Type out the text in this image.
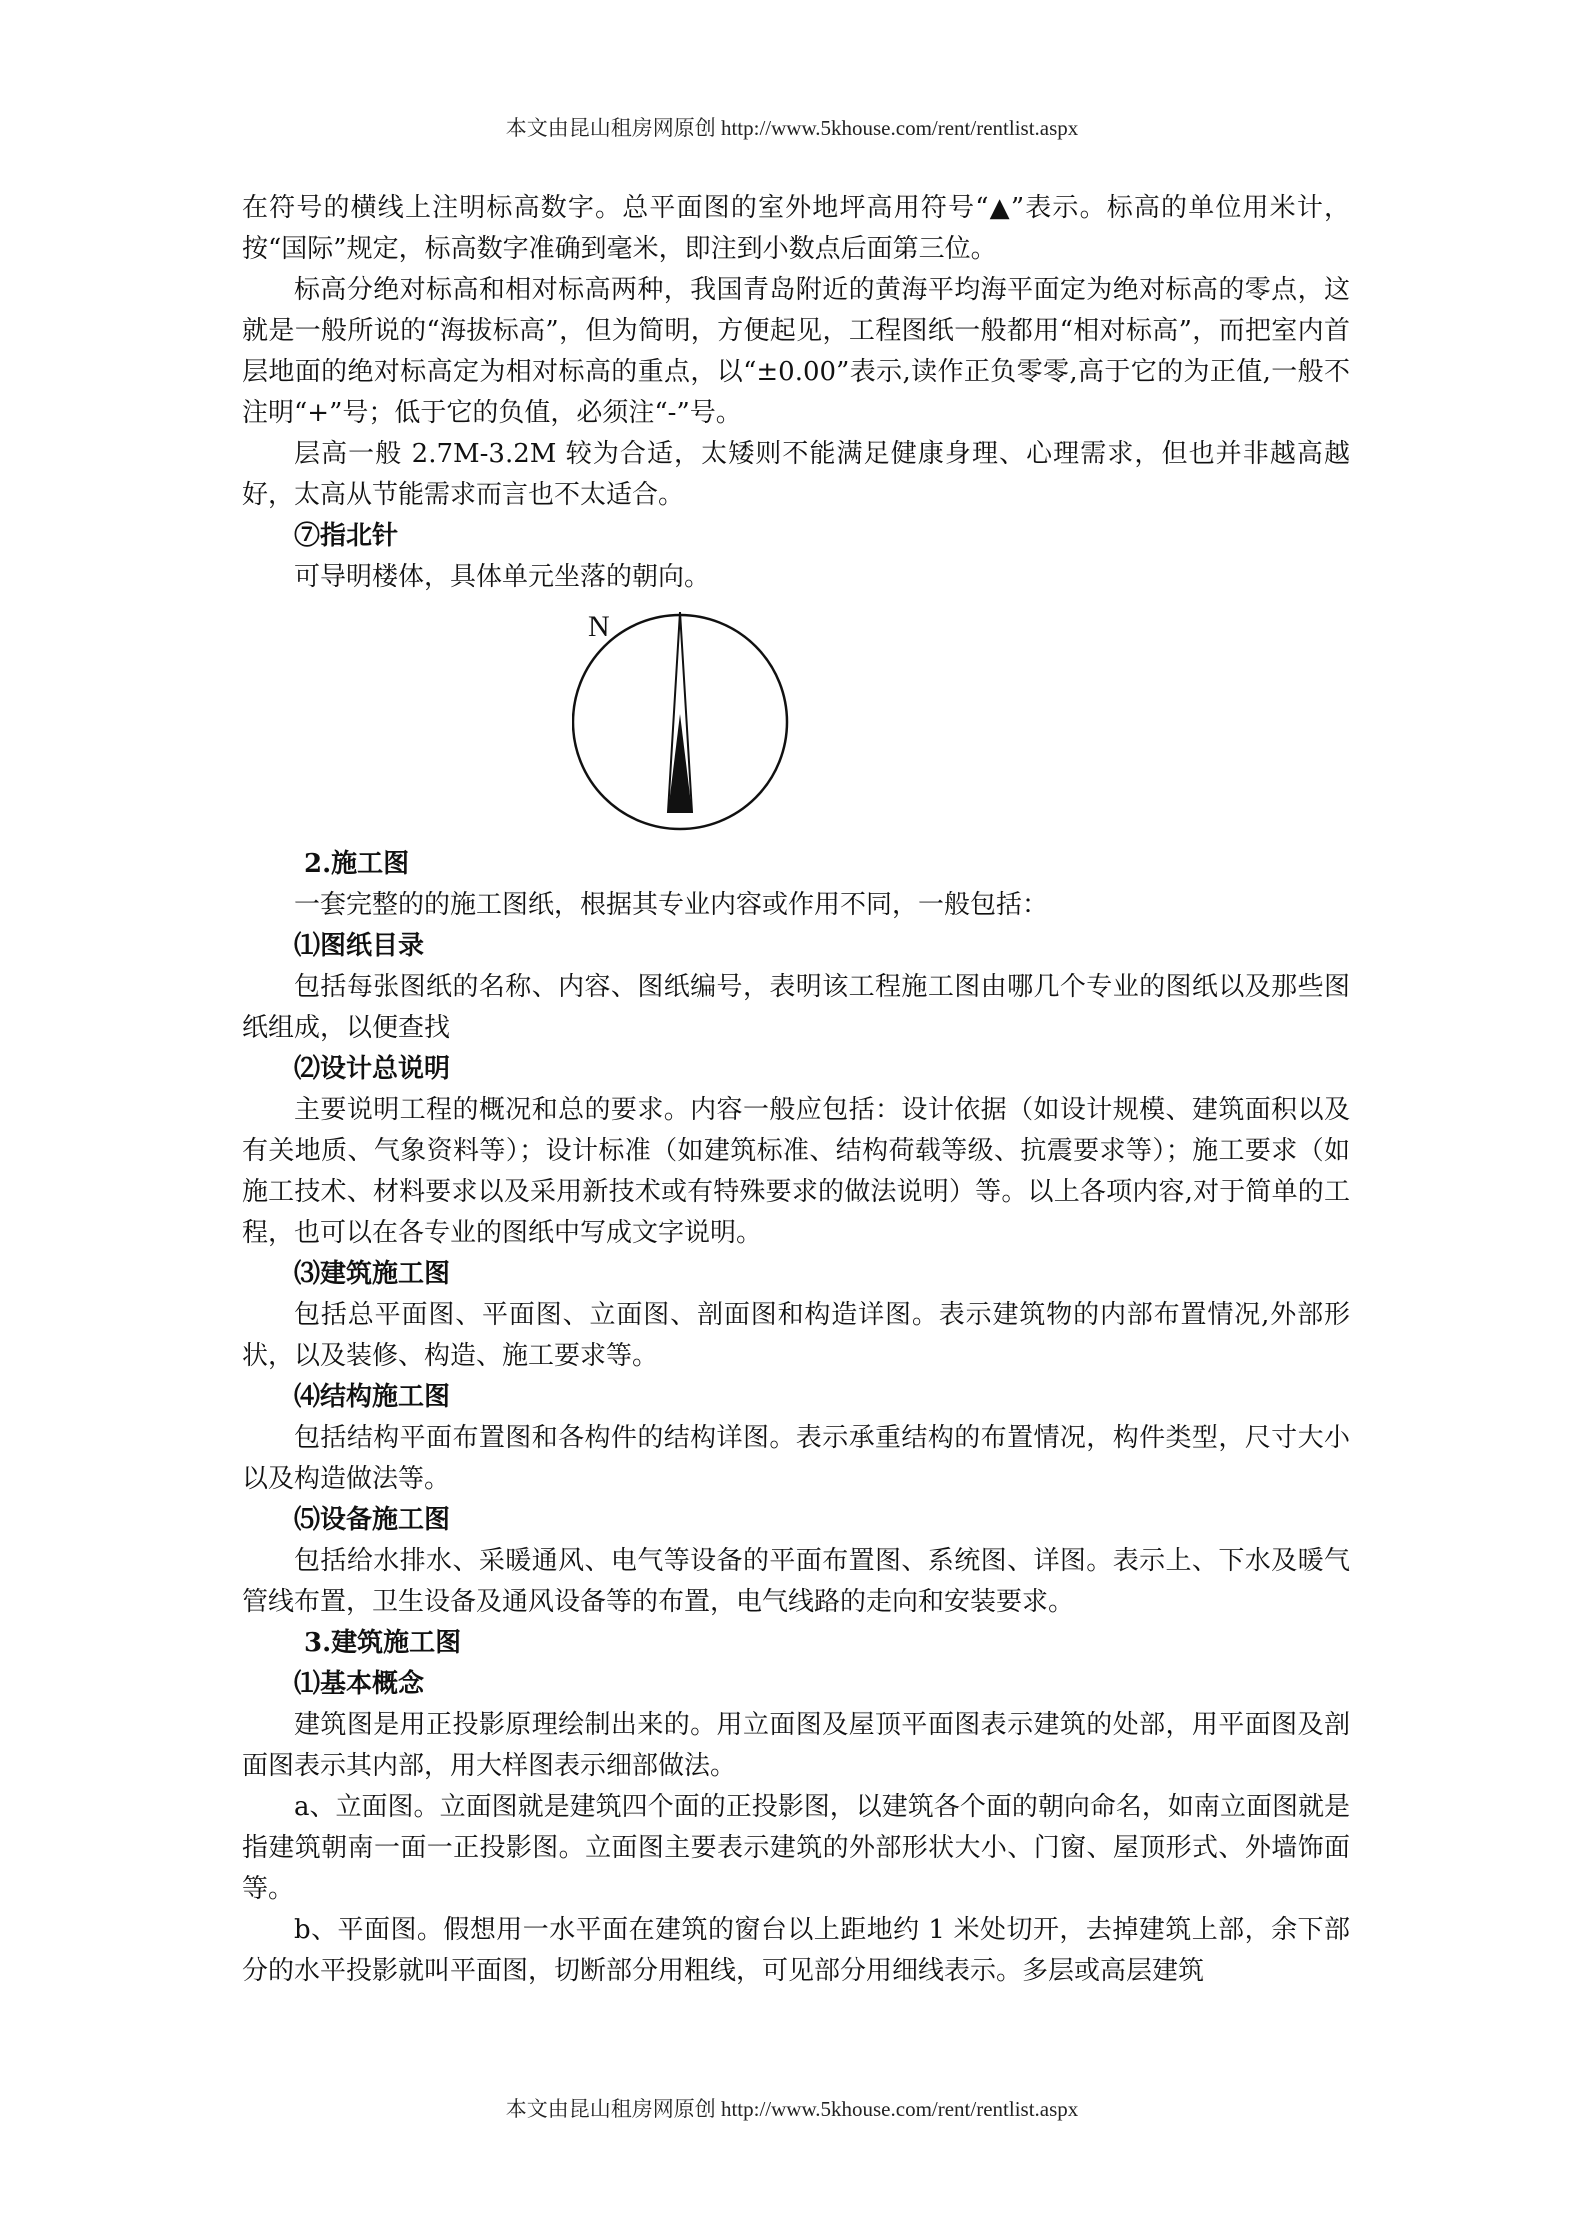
本文由昆山租房网原创 http://www.5khouse.com/rent/rentlist.aspx

在符号的横线上注明标高数字。总平面图的室外地坪高用符号“▲”表示。标高的单位用米计，按“国际”规定，标高数字准确到毫米，即注到小数点后面第三位。

标高分绝对标高和相对标高两种，我国青岛附近的黄海平均海平面定为绝对标高的零点，这就是一般所说的“海拔标高”，但为简明，方便起见，工程图纸一般都用“相对标高”，而把室内首层地面的绝对标高定为相对标高的重点，以“±0.00”表示,读作正负零零,高于它的为正值,一般不注明“+”号；低于它的负值，必须注“-”号。

层高一般 2.7M-3.2M 较为合适，太矮则不能满足健康身理、心理需求，但也并非越高越好，太高从节能需求而言也不太适合。

⑦指北针

可导明楼体，具体单元坐落的朝向。

N

2.施工图

一套完整的的施工图纸，根据其专业内容或作用不同，一般包括：

⑴图纸目录

包括每张图纸的名称、内容、图纸编号，表明该工程施工图由哪几个专业的图纸以及那些图纸组成，以便查找

⑵设计总说明

主要说明工程的概况和总的要求。内容一般应包括：设计依据（如设计规模、建筑面积以及有关地质、气象资料等）；设计标准（如建筑标准、结构荷载等级、抗震要求等）；施工要求（如施工技术、材料要求以及采用新技术或有特殊要求的做法说明）等。以上各项内容,对于简单的工程，也可以在各专业的图纸中写成文字说明。

⑶建筑施工图

包括总平面图、平面图、立面图、剖面图和构造详图。表示建筑物的内部布置情况,外部形状，以及装修、构造、施工要求等。

⑷结构施工图

包括结构平面布置图和各构件的结构详图。表示承重结构的布置情况，构件类型，尺寸大小以及构造做法等。

⑸设备施工图

包括给水排水、采暖通风、电气等设备的平面布置图、系统图、详图。表示上、下水及暖气管线布置，卫生设备及通风设备等的布置，电气线路的走向和安装要求。

3.建筑施工图

⑴基本概念

建筑图是用正投影原理绘制出来的。用立面图及屋顶平面图表示建筑的处部，用平面图及剖面图表示其内部，用大样图表示细部做法。

a、立面图。立面图就是建筑四个面的正投影图，以建筑各个面的朝向命名，如南立面图就是指建筑朝南一面一正投影图。立面图主要表示建筑的外部形状大小、门窗、屋顶形式、外墙饰面等。

b、平面图。假想用一水平面在建筑的窗台以上距地约 1 米处切开，去掉建筑上部，余下部分的水平投影就叫平面图，切断部分用粗线，可见部分用细线表示。多层或高层建筑

本文由昆山租房网原创 http://www.5khouse.com/rent/rentlist.aspx
